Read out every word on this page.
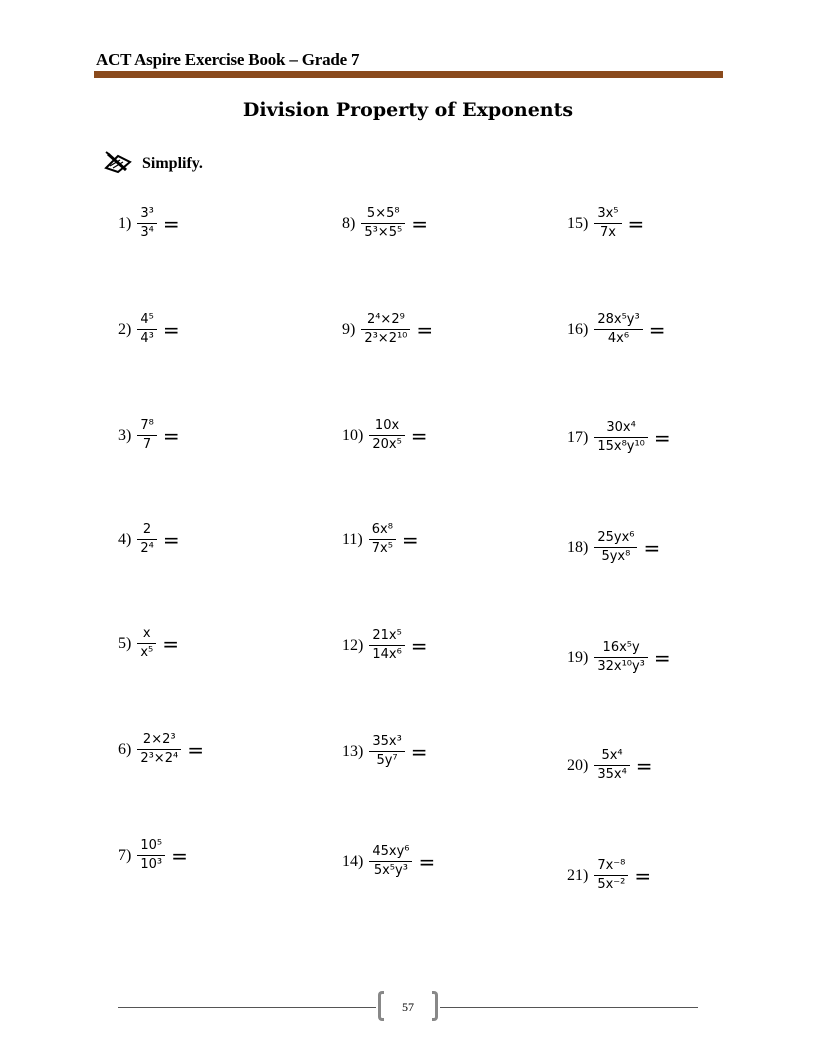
ACT Aspire Exercise Book – Grade 7
Division Property of Exponents
Simplify.
$1) \frac{\text{3³}}{\text{3⁴}}$ =
$2) \frac{\text{4⁵}}{\text{4³}}$ =
$3) \frac{\text{7⁸}}{7}$ =
$4) \frac{2}{\text{2⁴}}$ =
$5) \frac{x}{\text{x⁵}}$ =
$6) \frac{\text{2×2³}}{\text{2³×2⁴}}$ =
$7) \frac{\text{10⁵}}{\text{10³}}$ =
$8) \frac{\text{5×5⁸}}{\text{5³×5⁵}}$ =
$9) \frac{\text{2⁴×2⁹}}{\text{2³×2¹⁰}}$ =
$10) \frac{10x}{\text{20x⁵}}$ =
$11) \frac{\text{6x⁸}}{\text{7x⁵}}$ =
$12) \frac{\text{21x⁵}}{\text{14x⁶}}$ =
$13) \frac{\text{35x³}}{\text{5y⁷}}$ =
$14) \frac{\text{45xy⁶}}{\text{5x⁵y³}}$ =
$15) \frac{\text{3x⁵}}{7x}$ =
$16) \frac{\text{28x⁵y³}}{\text{4x⁶}}$ =
$17) \frac{\text{30x⁴}}{\text{15x⁸y¹⁰}}$ =
$18) \frac{\text{25yx⁶}}{\text{5yx⁸}}$ =
$19) \frac{\text{16x⁵y}}{\text{32x¹⁰y³}}$ =
$20) \frac{\text{5x⁴}}{\text{35x⁴}}$ =
$21) \frac{\text{7x⁻⁸}}{\text{5x⁻²}}$ =
57
